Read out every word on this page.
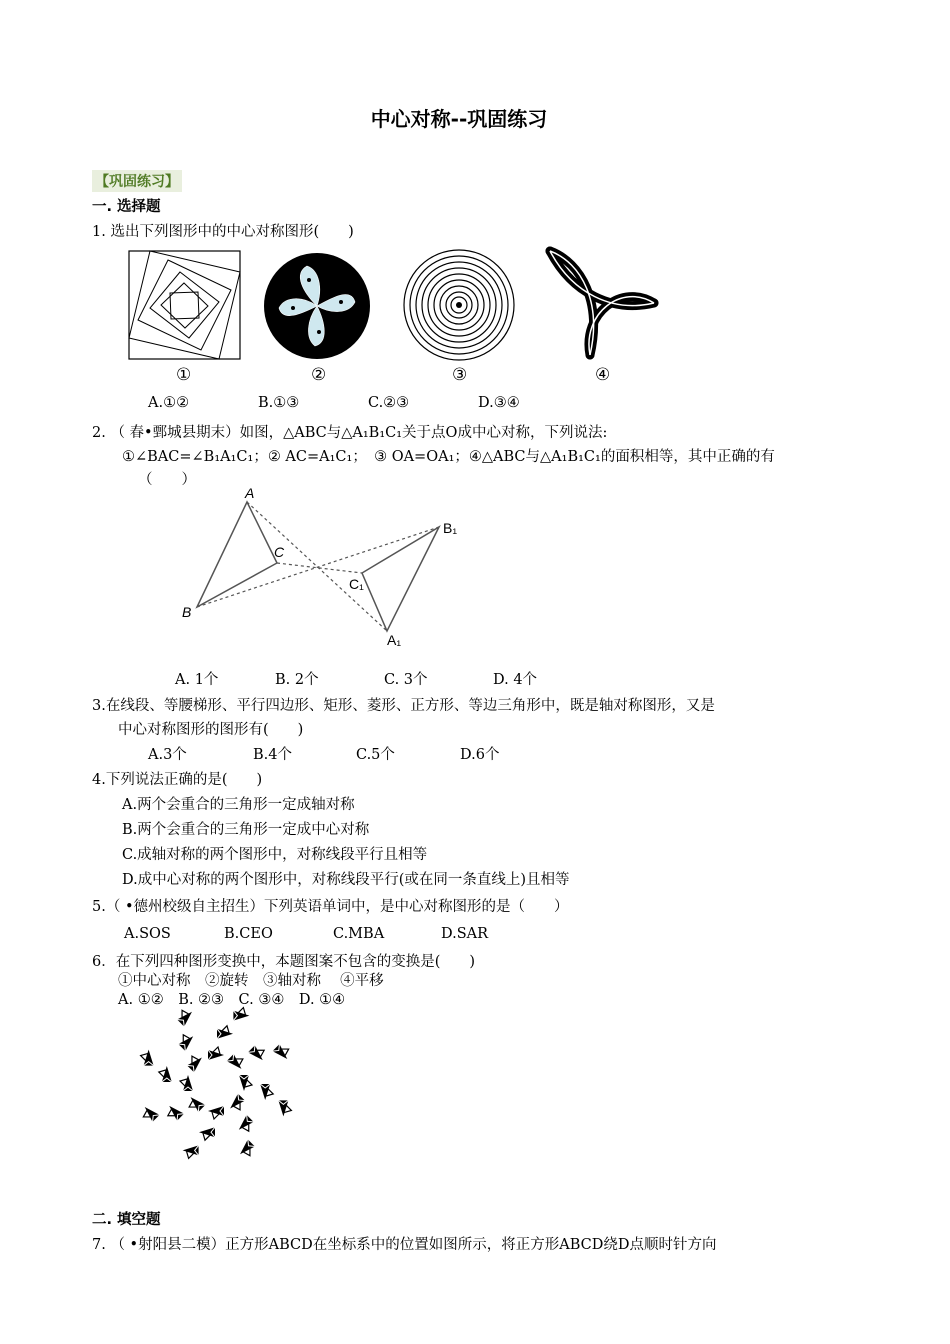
中心对称--巩固练习
【巩固练习】
一. 选择题
1. 选出下列图形中的中心对称图形(　　)
①	②	③	④
A.①②	B.①③	C.②③	D.③④
2. （ 春•鄄城县期末）如图，△ABC与△A₁B₁C₁关于点O成中心对称，下列说法:
①∠BAC=∠B₁A₁C₁；② AC=A₁C₁；　③ OA=OA₁；④△ABC与△A₁B₁C₁的面积相等，其中正确的有
（　　）
A
B
C
B₁
C₁
A₁
A. 1个	B. 2个	C. 3个	D. 4个
3.在线段、等腰梯形、平行四边形、矩形、菱形、正方形、等边三角形中，既是轴对称图形，又是
中心对称图形的图形有(　　)
A.3个	B.4个	C.5个	D.6个
4.下列说法正确的是(　　)
A.两个会重合的三角形一定成轴对称
B.两个会重合的三角形一定成中心对称
C.成轴对称的两个图形中，对称线段平行且相等
D.成中心对称的两个图形中，对称线段平行(或在同一条直线上)且相等
5.（ •德州校级自主招生）下列英语单词中，是中心对称图形的是（　　）
A.SOS	B.CEO	C.MBA	D.SAR
6．在下列四种图形变换中，本题图案不包含的变换是(　　)
①中心对称　②旋转　③轴对称　 ④平移
A. ①②　B. ②③　C. ③④　D. ①④
二. 填空题
7. （ •射阳县二模）正方形ABCD在坐标系中的位置如图所示，将正方形ABCD绕D点顺时针方向
